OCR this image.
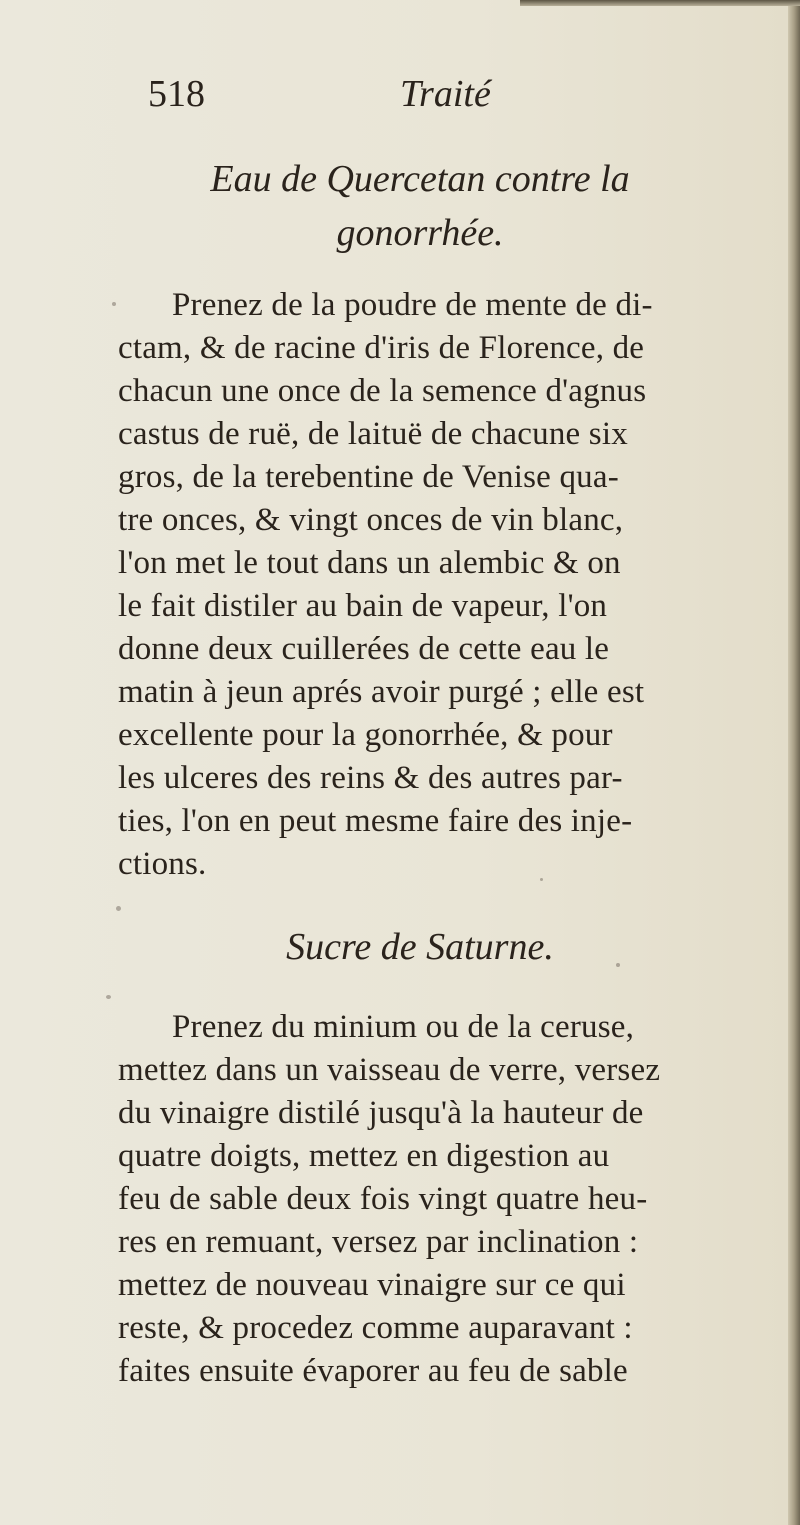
518	Traité
Eau de Quercetan contre la
gonorrhée.
Prenez de la poudre de mente de di-
ctam, & de racine d'iris de Florence, de
chacun une once de la semence d'agnus
castus de ruë, de laituë de chacune six
gros, de la terebentine de Venise qua-
tre onces, & vingt onces de vin blanc,
l'on met le tout dans un alembic & on
le fait distiler au bain de vapeur, l'on
donne deux cuillerées de cette eau le
matin à jeun aprés avoir purgé ; elle est
excellente pour la gonorrhée, & pour
les ulceres des reins & des autres par-
ties, l'on en peut mesme faire des inje-
ctions.
Sucre de Saturne.
Prenez du minium ou de la ceruse,
mettez dans un vaisseau de verre, versez
du vinaigre distilé jusqu'à la hauteur de
quatre doigts, mettez en digestion au
feu de sable deux fois vingt quatre heu-
res en remuant, versez par inclination :
mettez de nouveau vinaigre sur ce qui
reste, & procedez comme auparavant :
faites ensuite évaporer au feu de sable
